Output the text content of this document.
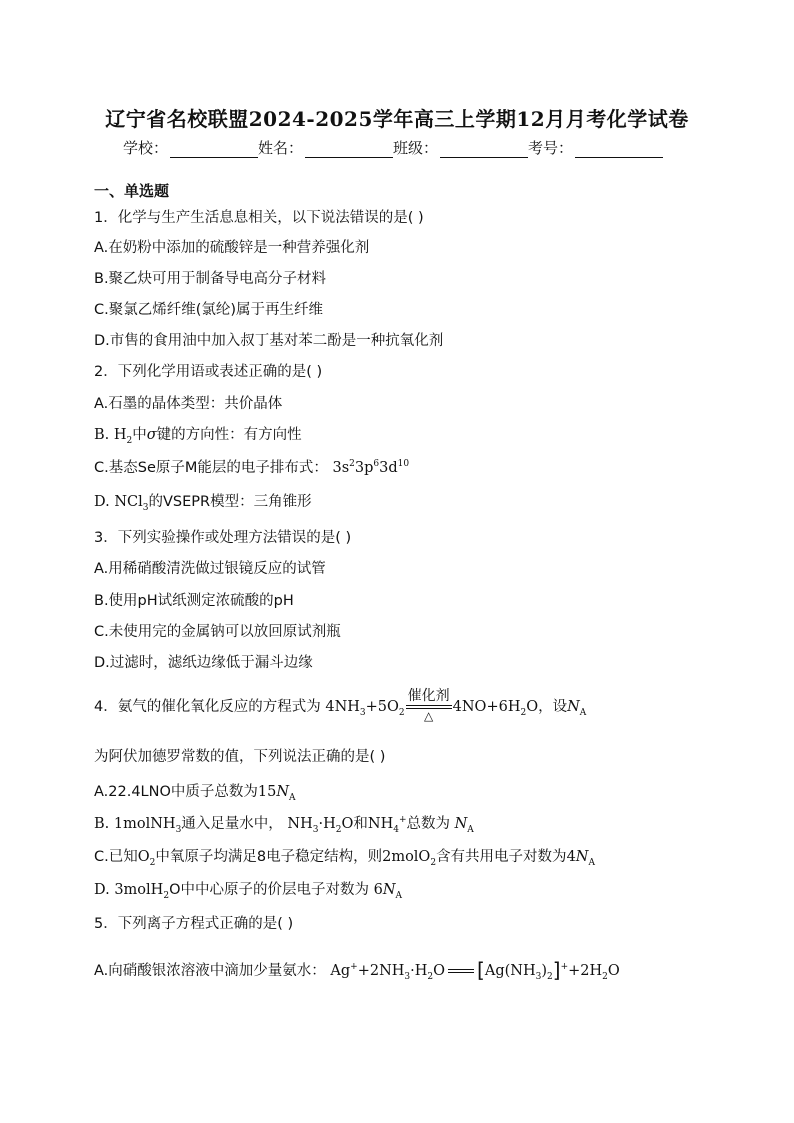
辽宁省名校联盟2024-2025学年高三上学期12月月考化学试卷
学校：	姓名：	班级：	考号：
一、单选题
1．化学与生产生活息息相关，以下说法错误的是( )
A.在奶粉中添加的硫酸锌是一种营养强化剂
B.聚乙炔可用于制备导电高分子材料
C.聚氯乙烯纤维(氯纶)属于再生纤维
D.市售的食用油中加入叔丁基对苯二酚是一种抗氧化剂
2．下列化学用语或表述正确的是( )
A.石墨的晶体类型：共价晶体
B. $H_2$中σ键的方向性：有方向性
C.基态Se原子M能层的电子排布式： $3s^23p^63d^{10}$
D. NCl$_3$的VSEPR模型：三角锥形
3．下列实验操作或处理方法错误的是( )
A.用稀硝酸清洗做过银镜反应的试管
B.使用pH试纸测定浓硫酸的pH
C.未使用完的金属钠可以放回原试剂瓶
D.过滤时，滤纸边缘低于漏斗边缘
4．氨气的催化氧化反应的方程式为 $4NH_3+5O_2 \frac{\text{催化剂}}{\triangle} 4NO+6H_2O$，设$N_A$
为阿伏加德罗常数的值，下列说法正确的是( )
A.22.4LNO中质子总数为$15N_A$
B. 1molNH$_3$通入足量水中， $NH_3\cdot H_2O$和$NH_4^+$总数为 $N_A$
C.已知$O_2$中氧原子均满足8电子稳定结构，则2molO$_2$含有共用电子对数为$4N_A$
D. 3molH$_2$O中中心原子的价层电子对数为 $6N_A$
5．下列离子方程式正确的是( )
A.向硝酸银浓溶液中滴加少量氨水： $Ag^++2NH_3\cdot H_2O$ $[Ag(NH_3)_2]^++2H_2O$
